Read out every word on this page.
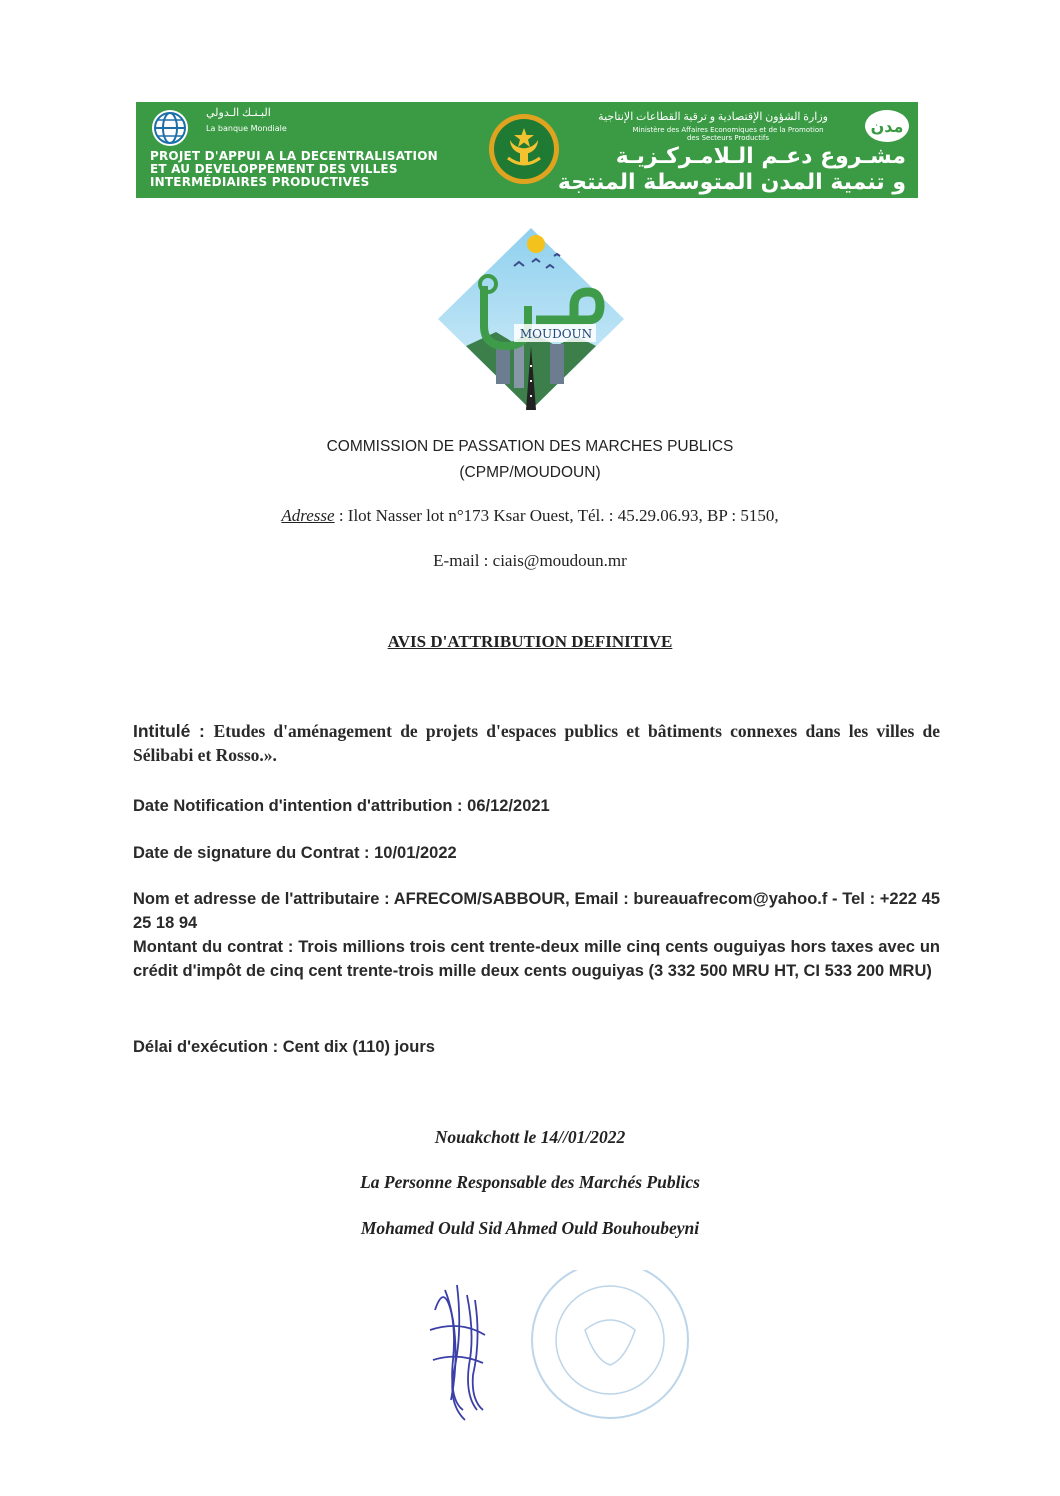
البـنـك الـدولي
La banque Mondiale
PROJET D'APPUI A LA DECENTRALISATION
ET AU DEVELOPPEMENT DES VILLES
INTERMÉDIAIRES PRODUCTIVES
وزارة الشؤون الإقتصادية و ترقية القطاعات الإنتاجية
Ministère des Affaires Economiques et de la Promotion des Secteurs Productifs
مشـروع دعـم الـلامـركـزيـة
و تنمية المدن المتوسطة المنتجة
مدن
MOUDOUN
COMMISSION DE PASSATION DES MARCHES PUBLICS
(CPMP/MOUDOUN)
Adresse : Ilot Nasser lot n°173 Ksar Ouest, Tél. : 45.29.06.93, BP : 5150,
E-mail : ciais@moudoun.mr
AVIS D'ATTRIBUTION DEFINITIVE
Intitulé : Etudes d'aménagement de projets d'espaces publics et bâtiments connexes dans les villes de Sélibabi et Rosso.».
Date Notification d'intention d'attribution : 06/12/2021
Date de signature du Contrat : 10/01/2022
Nom et adresse de l'attributaire : AFRECOM/SABBOUR, Email : bureauafrecom@yahoo.f - Tel : +222 45 25 18 94
Montant du contrat : Trois millions trois cent trente-deux mille cinq cents ouguiyas hors taxes avec un crédit d'impôt de cinq cent trente-trois mille deux cents ouguiyas (3 332 500 MRU HT, CI 533 200 MRU)
Délai d'exécution : Cent dix (110) jours
Nouakchott le 14//01/2022
La Personne Responsable des Marchés Publics
Mohamed Ould Sid Ahmed Ould Bouhoubeyni
